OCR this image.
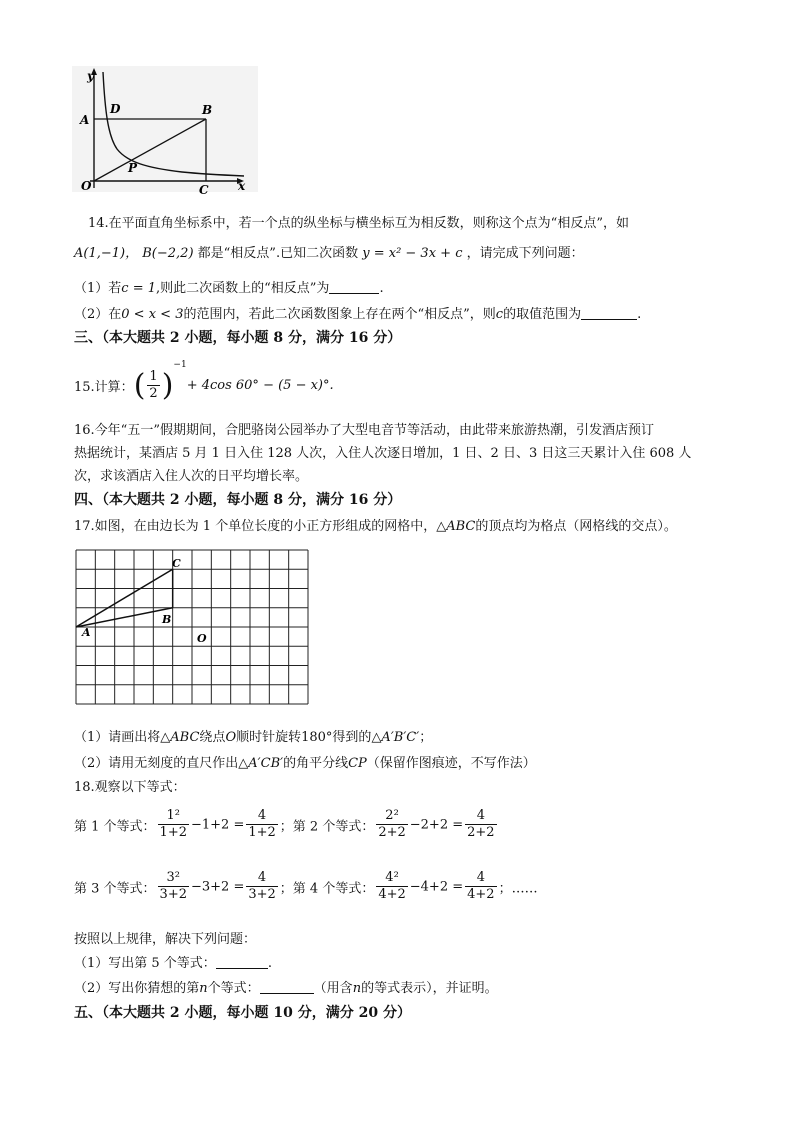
y
x
O
A
B
C
D
P
14.在平面直角坐标系中，若一个点的纵坐标与横坐标互为相反数，则称这个点为“相反点”，如
A(1,−1)， B(−2,2) 都是“相反点”.已知二次函数 y = x² − 3x + c ，请完成下列问题：
（1）若c = 1,则此二次函数上的“相反点”为	.
（2）在0 < x < 3的范围内，若此二次函数图象上存在两个“相反点”，则c的取值范围为	.
三、（本大题共 2 小题，每小题 8 分，满分 16 分）
15.计算：( $\frac{1}{2} )^{-1}+ 4\cos$ 60° − (5 − x)°.
16.今年“五一”假期期间，合肥骆岗公园举办了大型电音节等活动，由此带来旅游热潮，引发酒店预订
热据统计，某酒店 5 月 1 日入住 128 人次，入住人次逐日增加，1 日、2 日、3 日这三天累计入住 608 人
次，求该酒店入住人次的日平均增长率。
四、（本大题共 2 小题，每小题 8 分，满分 16 分）
17.如图，在由边长为 1 个单位长度的小正方形组成的网格中，△ABC的顶点均为格点（网格线的交点）。
A
B
C
O
（1）请画出将△ABC绕点O顺时针旋转180°得到的△A′B′C′；
（2）请用无刻度的直尺作出△A′CB′的角平分线CP（保留作图痕迹，不写作法）
18.观察以下等式：
第 1 个等式： $\frac{\text{1²}}{1+2} -1+2 = \frac{4}{1+2}$ ；第 2 个等式： $\frac{\text{2²}}{2+2} -2+2 = \frac{4}{2+2}$
第 3 个等式： $\frac{\text{3²}}{3+2} -3+2 = \frac{4}{3+2}$ ；第 4 个等式： $\frac{\text{4²}}{4+2} -4+2 = \frac{4}{4+2}$ ；……
按照以上规律，解决下列问题：
（1）写出第 5 个等式：	.
（2）写出你猜想的第n个等式：	（用含n的等式表示），并证明。
五、（本大题共 2 小题，每小题 10 分，满分 20 分）
